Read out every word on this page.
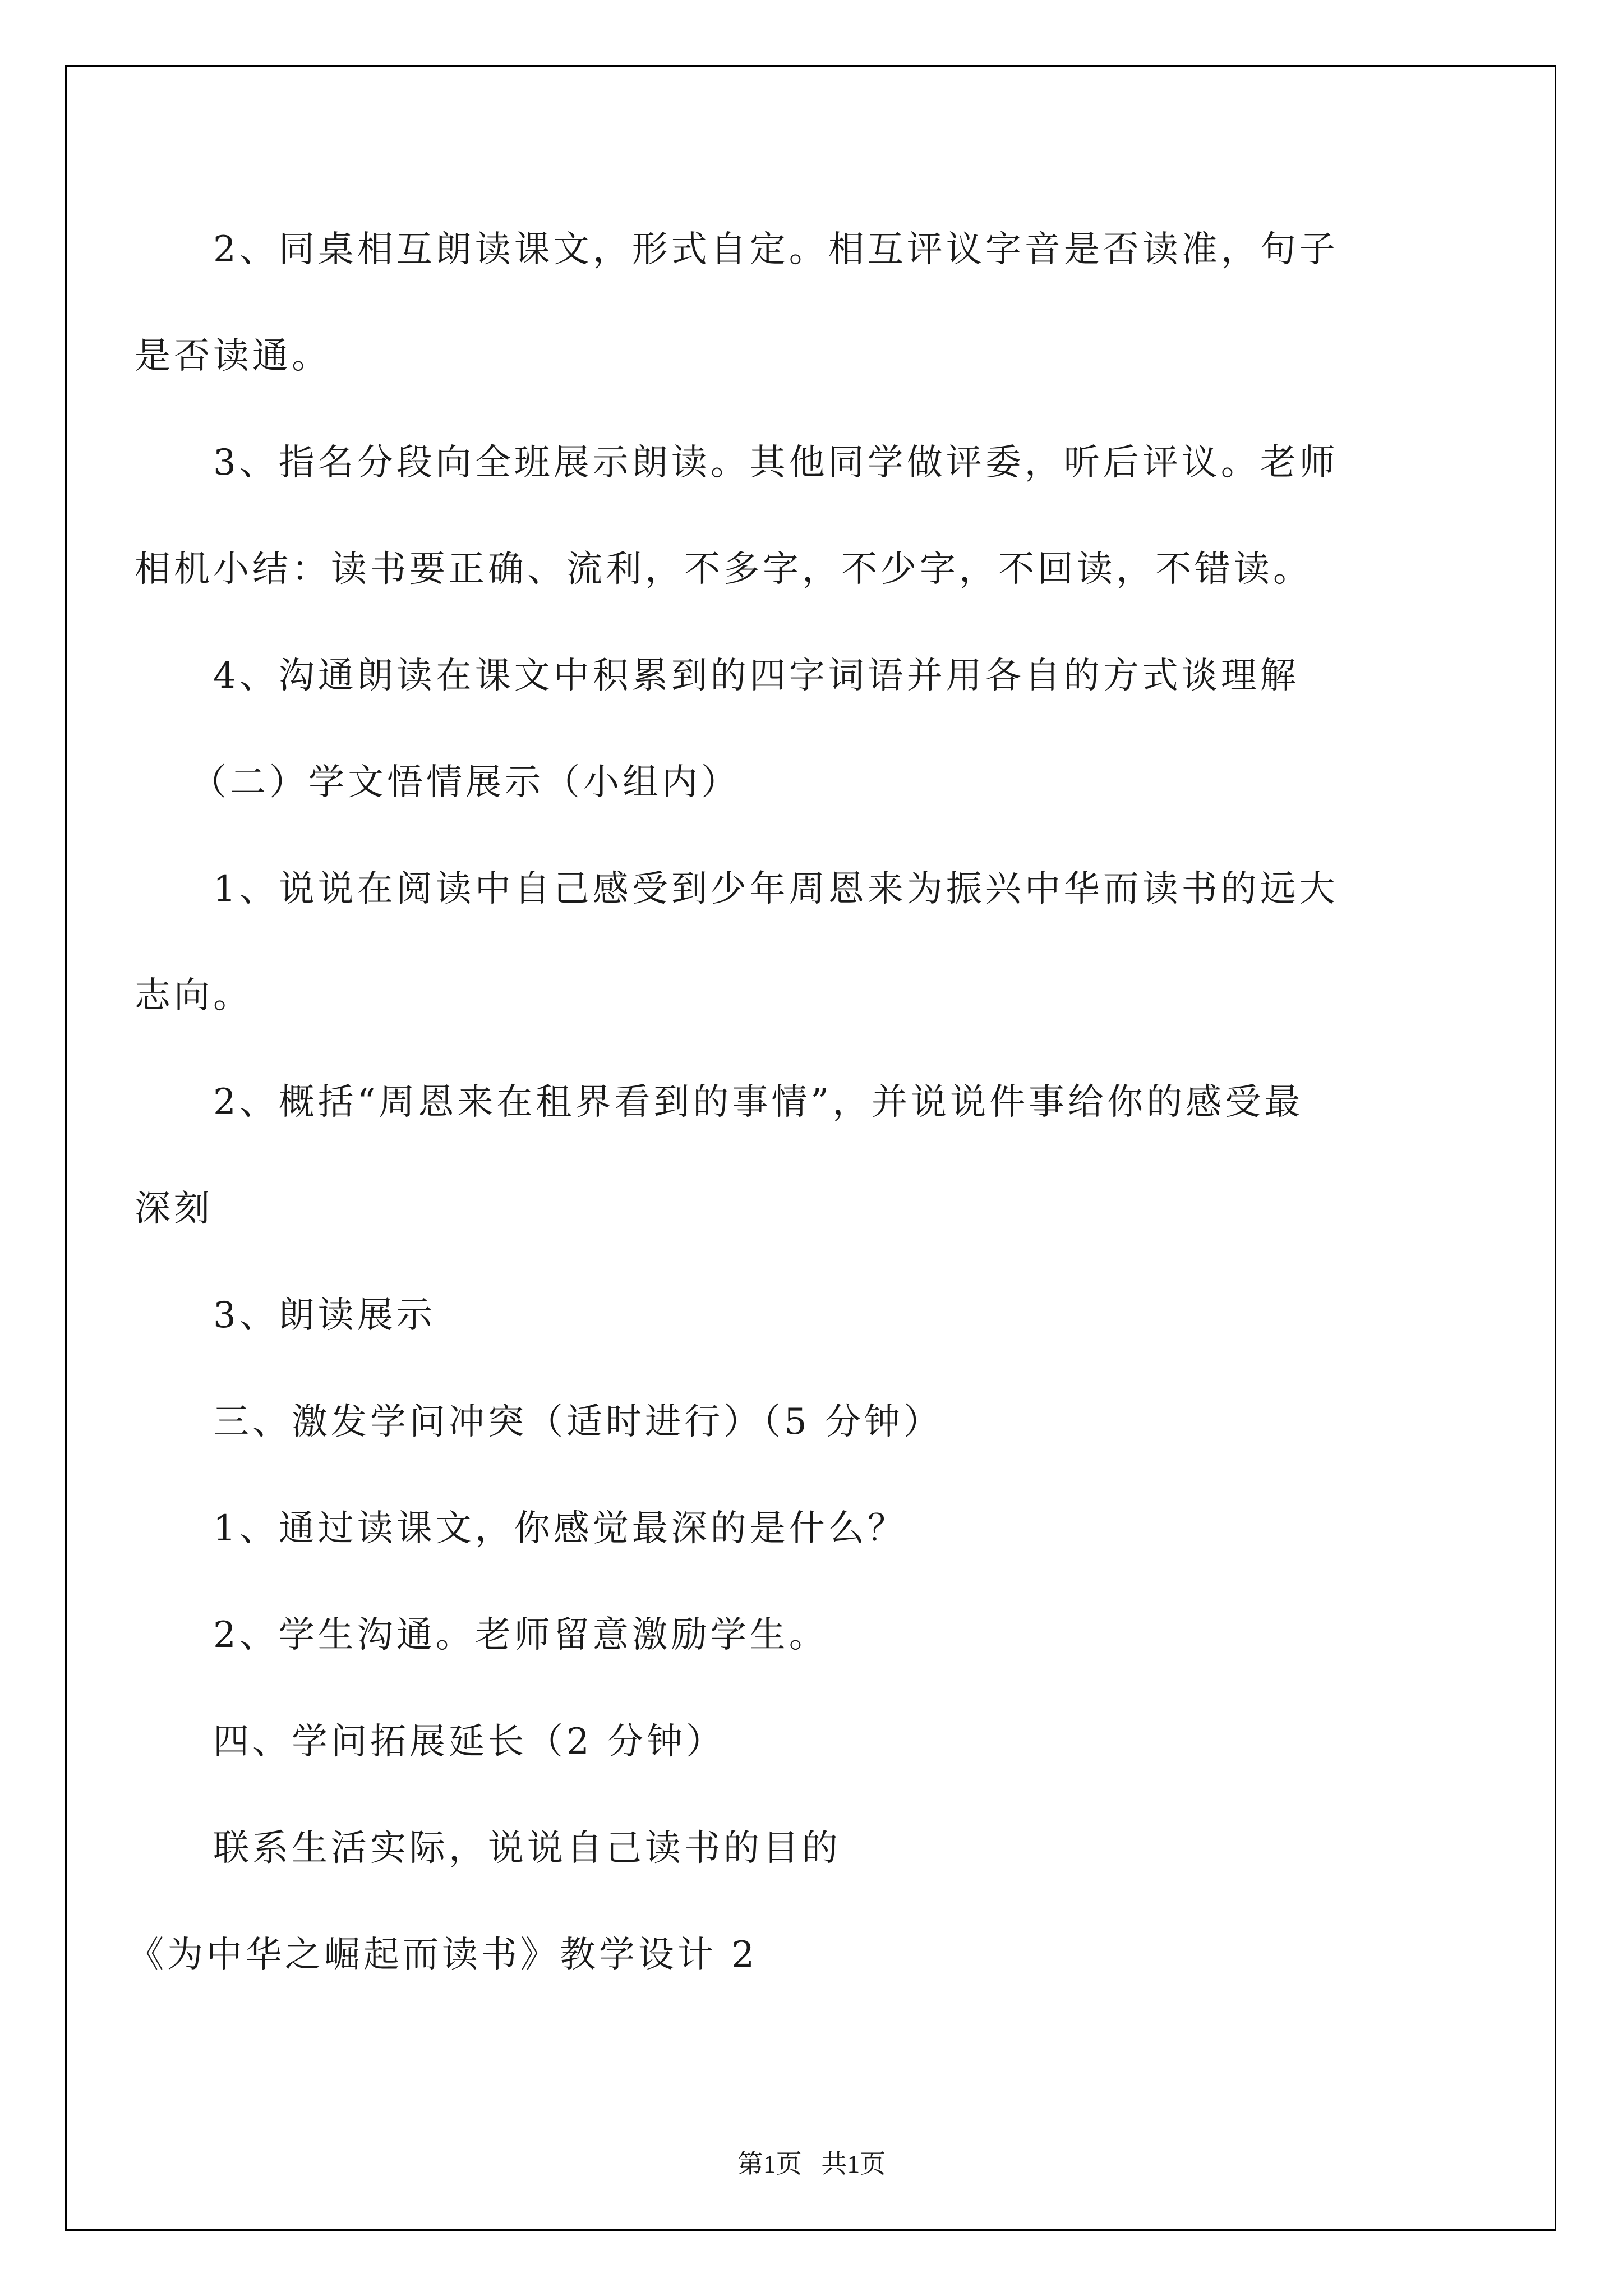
2、同桌相互朗读课文，形式自定。相互评议字音是否读准，句子
是否读通。
3、指名分段向全班展示朗读。其他同学做评委，听后评议。老师
相机小结：读书要正确、流利，不多字，不少字，不回读，不错读。
4、沟通朗读在课文中积累到的四字词语并用各自的方式谈理解
（二）学文悟情展示（小组内）
1、说说在阅读中自己感受到少年周恩来为振兴中华而读书的远大
志向。
2、概括“周恩来在租界看到的事情”，并说说件事给你的感受最
深刻
3、朗读展示
三、激发学问冲突（适时进行）（5 分钟）
1、通过读课文，你感觉最深的是什么？
2、学生沟通。老师留意激励学生。
四、学问拓展延长（2 分钟）
联系生活实际，说说自己读书的目的
《为中华之崛起而读书》教学设计 2
第1页   共1页
